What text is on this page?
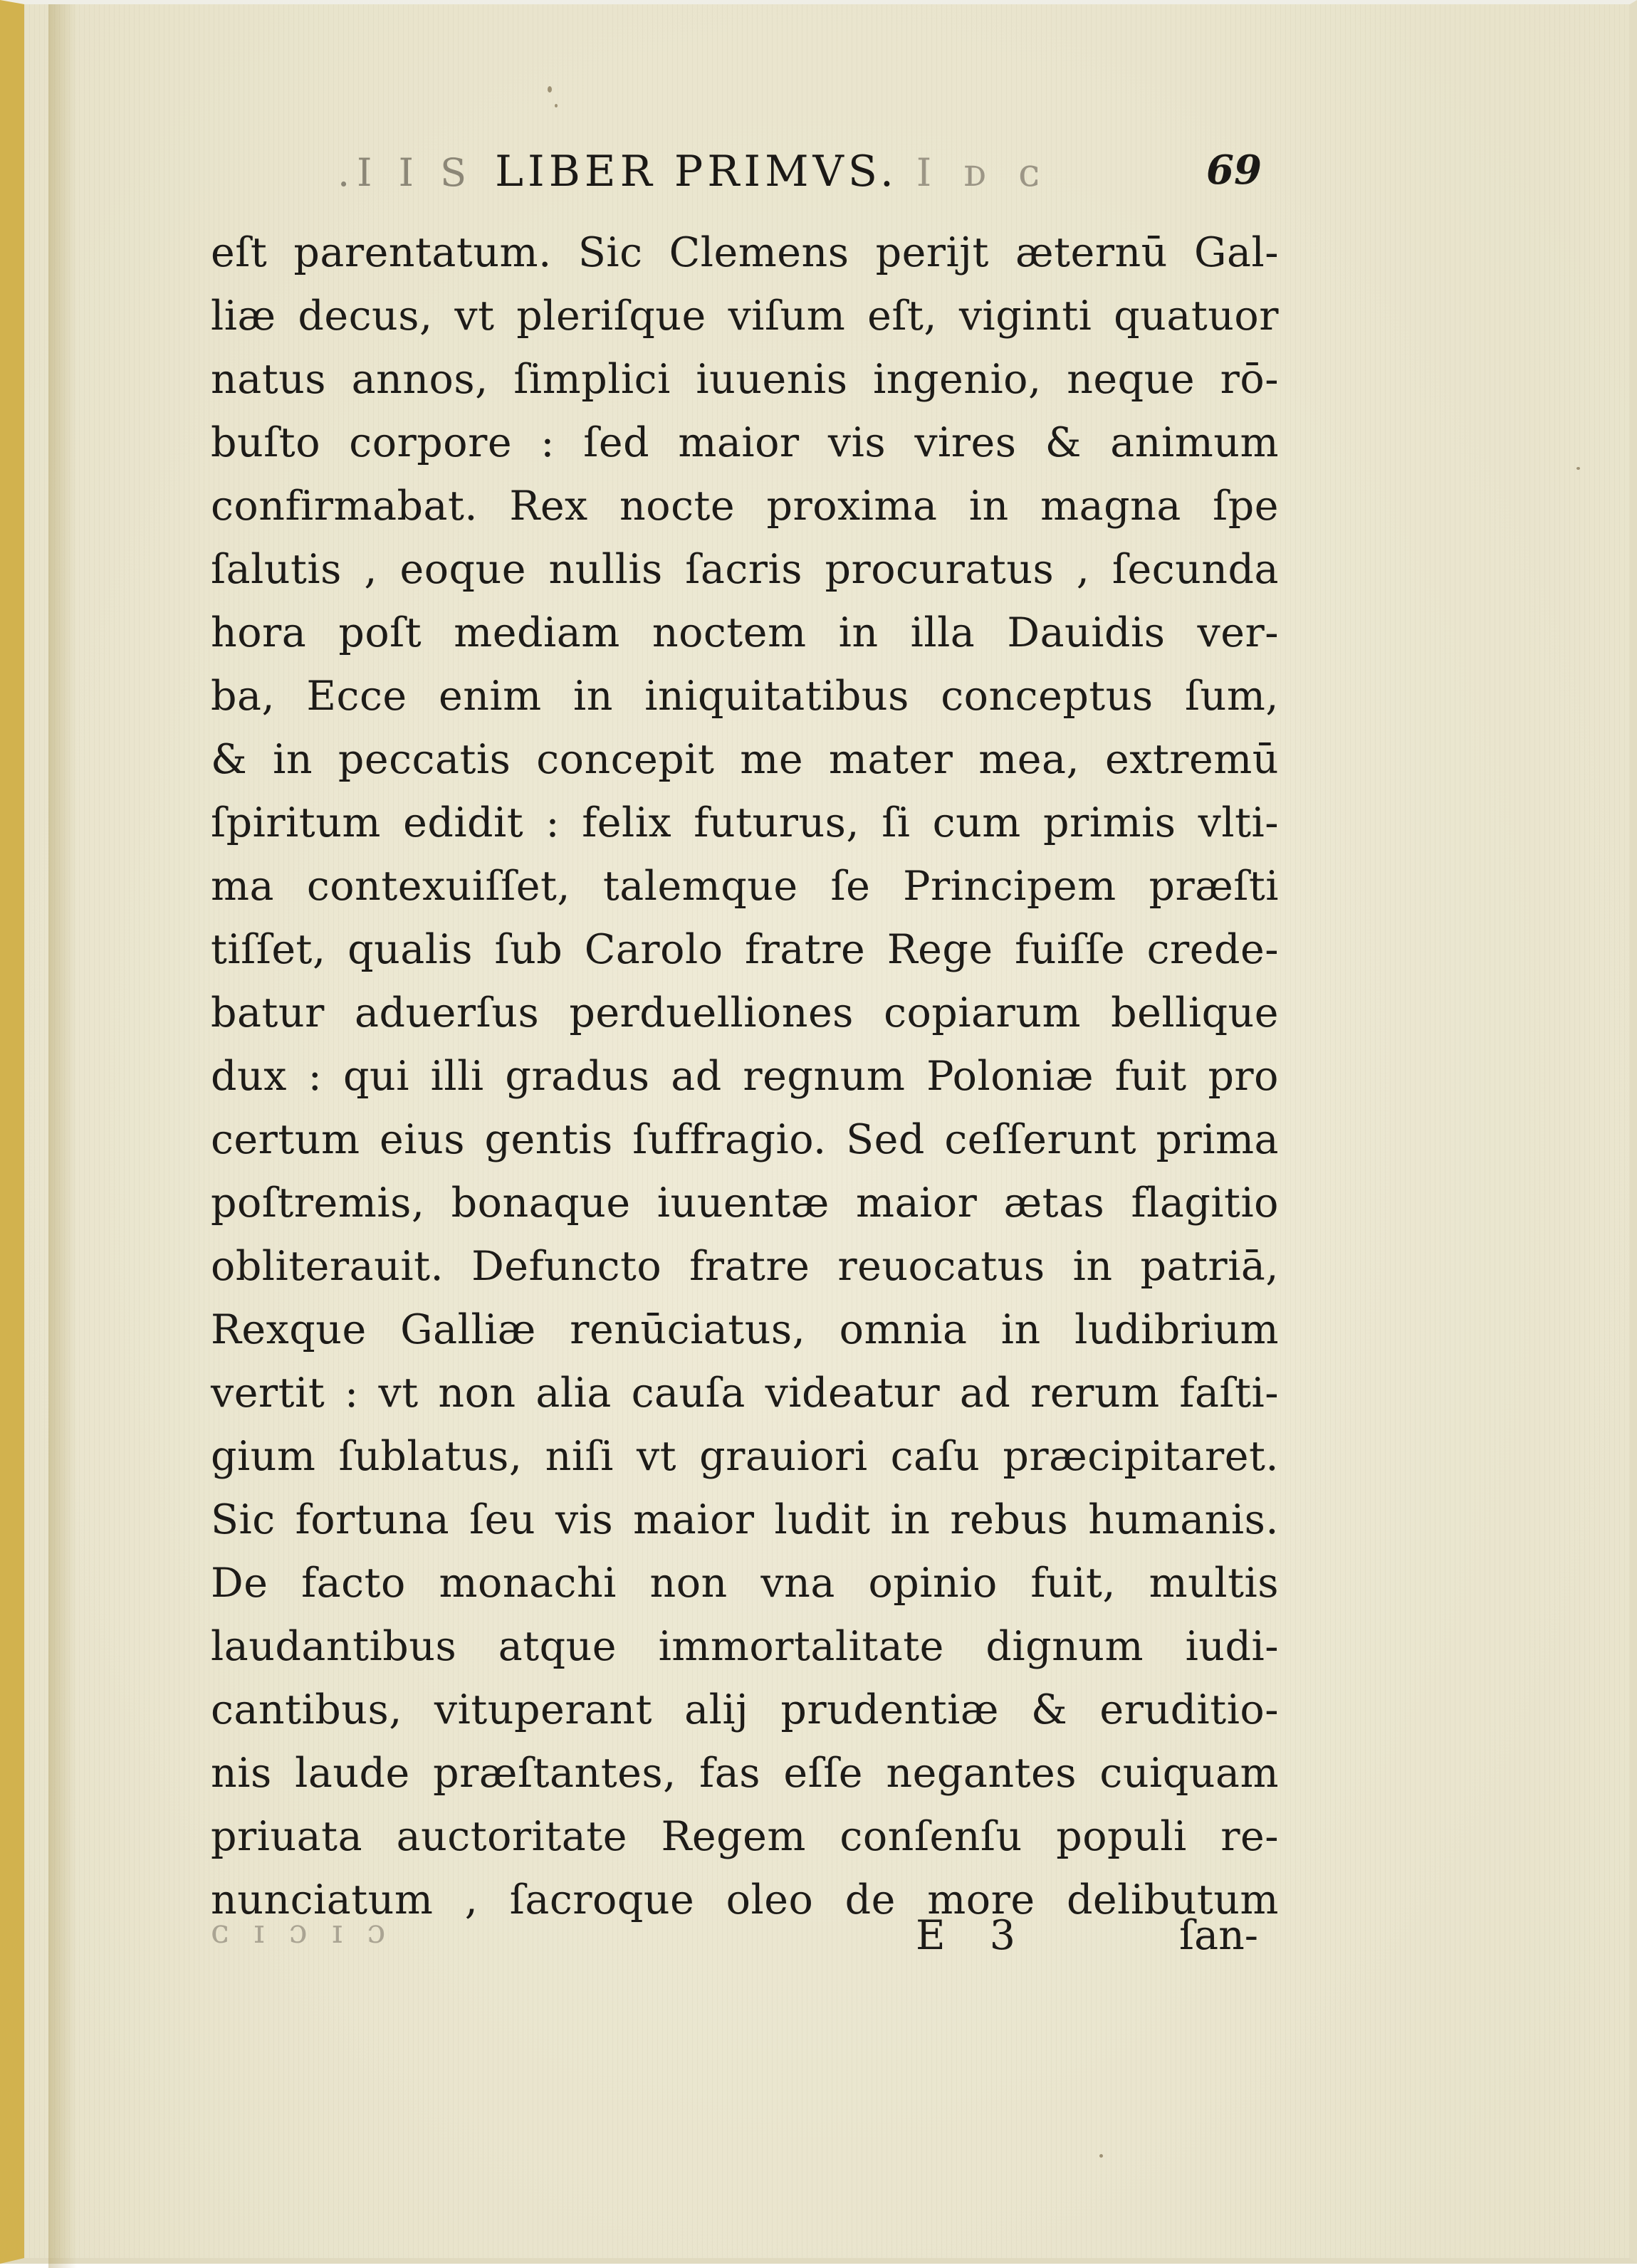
.I I S LIBER PRIMVS. I ᴅ ᴄ	69
eſt parentatum. Sic Clemens perijt æternū Gal-
liæ decus, vt pleriſque viſum eſt, viginti quatuor
natus annos, ſimplici iuuenis ingenio, neque rō-
buſto corpore : ſed maior vis vires & animum
confirmabat. Rex nocte proxima in magna ſpe
ſalutis , eoque nullis ſacris procuratus , ſecunda
hora poſt mediam noctem in illa Dauidis ver-
ba, Ecce enim in iniquitatibus conceptus ſum,
& in peccatis concepit me mater mea, extremū
ſpiritum edidit : felix futurus, ſi cum primis vlti-
ma contexuiſſet, talemque ſe Principem præſti
tiſſet, qualis ſub Carolo fratre Rege fuiſſe crede-
batur aduerſus perduelliones copiarum bellique
dux : qui illi gradus ad regnum Poloniæ fuit pro
certum eius gentis ſuffragio. Sed ceſſerunt prima
poſtremis, bonaque iuuentæ maior ætas flagitio
obliterauit. Defuncto fratre reuocatus in patriā,
Rexque Galliæ renūciatus, omnia in ludibrium
vertit : vt non alia cauſa videatur ad rerum faſti-
gium ſublatus, niſi vt grauiori caſu præcipitaret.
Sic fortuna ſeu vis maior ludit in rebus humanis.
De facto monachi non vna opinio fuit, multis
laudantibus atque immortalitate dignum iudi-
cantibus, vituperant alij prudentiæ & eruditio-
nis laude præſtantes, fas eſſe negantes cuiquam
priuata auctoritate Regem conſenſu populi re-
nunciatum , ſacroque oleo de more delibutum
ᴄ ɪ ɔ ɪ ɔ	E 3	ſan-
